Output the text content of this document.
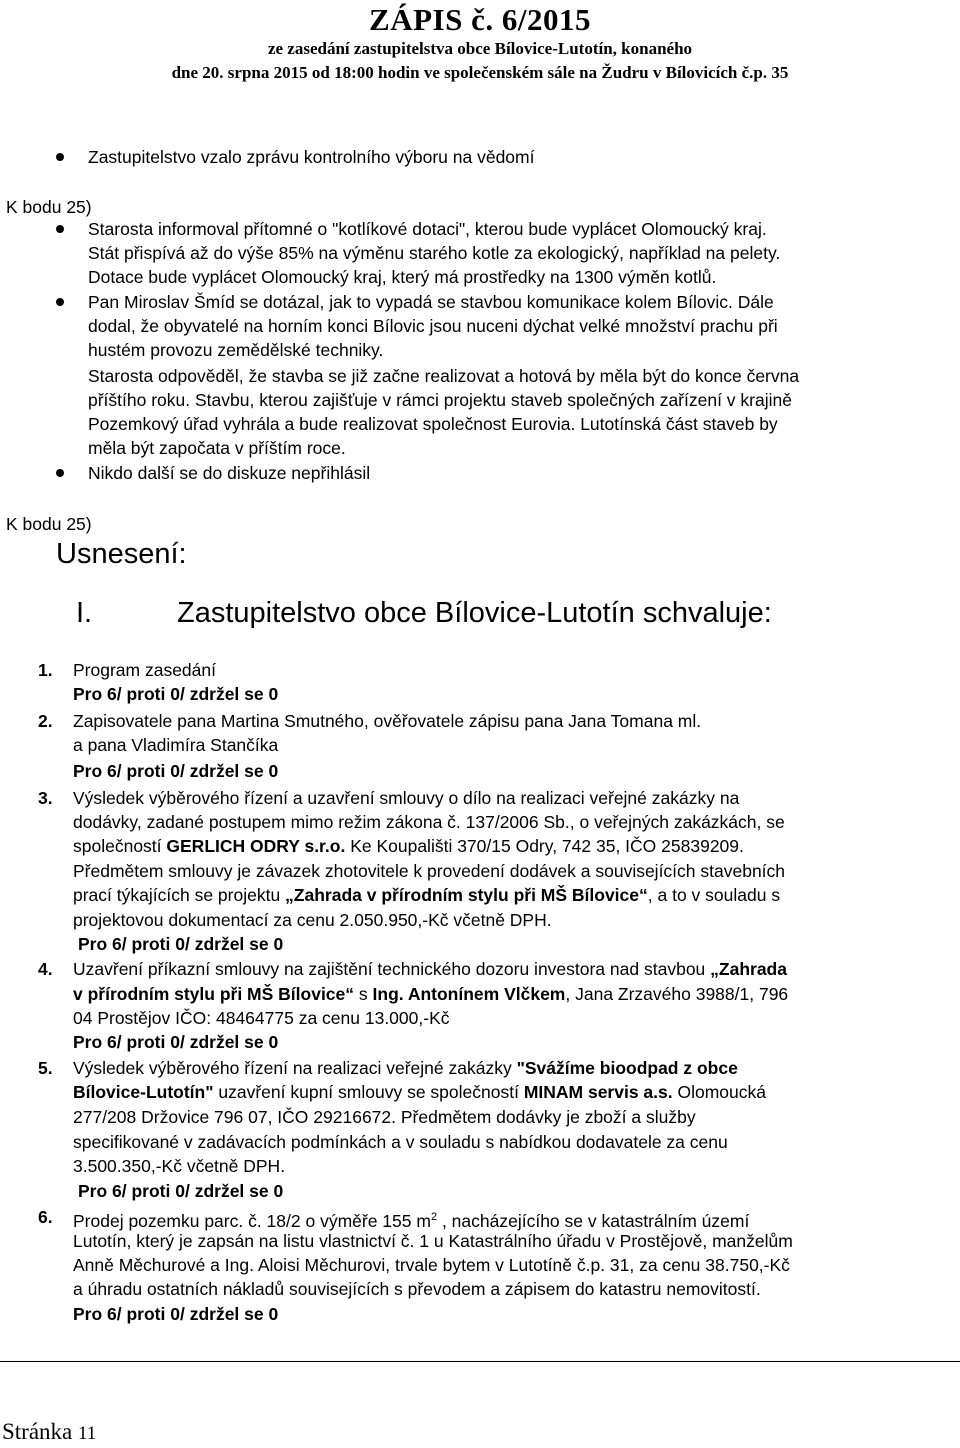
ZÁPIS č. 6/2015
ze zasedání zastupitelstva obce Bílovice-Lutotín, konaného
dne 20. srpna 2015 od 18:00 hodin ve společenském sále na Žudru v Bílovicích č.p. 35
Zastupitelstvo vzalo zprávu kontrolního výboru na vědomí
K bodu 25)
Starosta informoval přítomné o "kotlíkové dotaci", kterou bude vyplácet Olomoucký kraj.
Stát přispívá až do výše 85% na výměnu starého kotle za ekologický, například na pelety.
Dotace bude vyplácet Olomoucký kraj, který má prostředky na 1300 výměn kotlů.
Pan Miroslav Šmíd se dotázal, jak to vypadá se stavbou komunikace kolem Bílovic. Dále
dodal, že obyvatelé na horním konci Bílovic jsou nuceni dýchat velké množství prachu při
hustém provozu zemědělské techniky.
Starosta odpověděl, že stavba se již začne realizovat a hotová by měla být do konce června
příštího roku. Stavbu, kterou zajišťuje v rámci projektu staveb společných zařízení v krajině
Pozemkový úřad vyhrála a bude realizovat společnost Eurovia. Lutotínská část staveb by
měla být započata v příštím roce.
Nikdo další se do diskuze nepřihlásil
K bodu 25)
Usnesení:
I.	Zastupitelstvo obce Bílovice-Lutotín schvaluje:
1. Program zasedání
Pro 6/ proti 0/ zdržel se 0
2. Zapisovatele pana Martina Smutného, ověřovatele zápisu pana Jana Tomana ml.
a pana Vladimíra Stančíka
Pro 6/ proti 0/ zdržel se 0
3. Výsledek výběrového řízení a uzavření smlouvy o dílo na realizaci veřejné zakázky na
dodávky, zadané postupem mimo režim zákona č. 137/2006 Sb., o veřejných zakázkách, se
společností GERLICH ODRY s.r.o. Ke Koupališti 370/15 Odry, 742 35, IČO 25839209.
Předmětem smlouvy je závazek zhotovitele k provedení dodávek a souvisejících stavebních
prací týkajících se projektu „Zahrada v přírodním stylu při MŠ Bílovice“, a to v souladu s
projektovou dokumentací za cenu 2.050.950,-Kč včetně DPH.
Pro 6/ proti 0/ zdržel se 0
4. Uzavření příkazní smlouvy na zajištění technického dozoru investora nad stavbou „Zahrada
v přírodním stylu při MŠ Bílovice“ s Ing. Antonínem Vlčkem, Jana Zrzavého 3988/1, 796
04 Prostějov IČO: 48464775 za cenu 13.000,-Kč
Pro 6/ proti 0/ zdržel se 0
5. Výsledek výběrového řízení na realizaci veřejné zakázky "Svážíme bioodpad z obce
Bílovice-Lutotín" uzavření kupní smlouvy se společností MINAM servis a.s. Olomoucká
277/208 Držovice 796 07, IČO 29216672. Předmětem dodávky je zboží a služby
specifikované v zadávacích podmínkách a v souladu s nabídkou dodavatele za cenu
3.500.350,-Kč včetně DPH.
Pro 6/ proti 0/ zdržel se 0
6. Prodej pozemku parc. č. 18/2 o výměře 155 $m^2$ , nacházejícího se v katastrálním území
Lutotín, který je zapsán na listu vlastnictví č. 1 u Katastrálního úřadu v Prostějově, manželům
Anně Měchurové a Ing. Aloisi Měchurovi, trvale bytem v Lutotíně č.p. 31, za cenu 38.750,-Kč
a úhradu ostatních nákladů souvisejících s převodem a zápisem do katastru nemovitostí.
Pro 6/ proti 0/ zdržel se 0
Stránka 11
